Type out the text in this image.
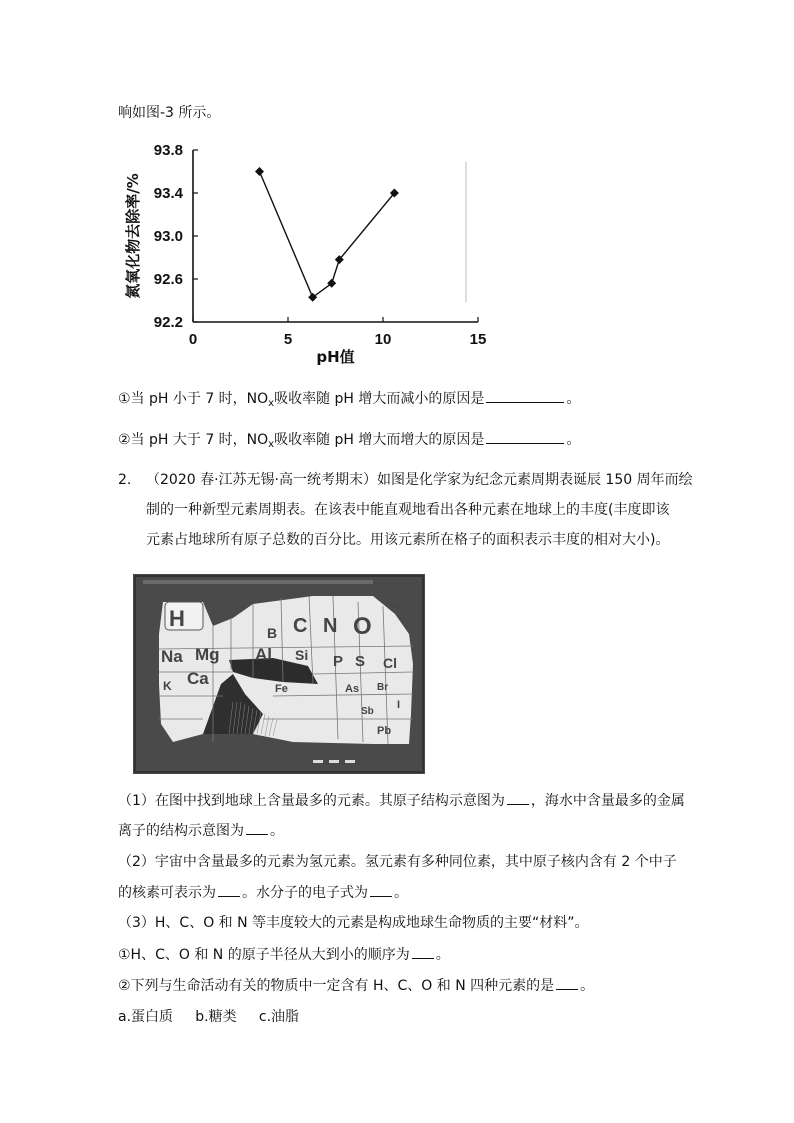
响如图-3 所示。
92.2
92.6
93.0
93.4
93.8
0	5	10	15
氮氧化物去除率/%
pH值
①当 pH 小于 7 时，$NO_x$吸收率随 pH 增大而减小的原因是	。
②当 pH 大于 7 时，$NO_x$吸收率随 pH 增大而增大的原因是	。
2. （2020 春·江苏无锡·高一统考期末）如图是化学家为纪念元素周期表诞辰 150 周年而绘
制的一种新型元素周期表。在该表中能直观地看出各种元素在地球上的丰度(丰度即该
元素占地球所有原子总数的百分比。用该元素所在格子的面积表示丰度的相对大小)。
H
B C N O
Na Mg Al Si P S Cl
K Ca
Fe	As Br
Sb
I
Pb
He
（1）在图中找到地球上含量最多的元素。其原子结构示意图为 ，海水中含量最多的金属
离子的结构示意图为 。
（2）宇宙中含量最多的元素为氢元素。氢元素有多种同位素，其中原子核内含有 2 个中子
的核素可表示为 。水分子的电子式为 。
（3）H、C、O 和 N 等丰度较大的元素是构成地球生命物质的主要“材料”。
①H、C、O 和 N 的原子半径从大到小的顺序为 。
②下列与生命活动有关的物质中一定含有 H、C、O 和 N 四种元素的是 。
a.蛋白质     b.糖类     c.油脂
